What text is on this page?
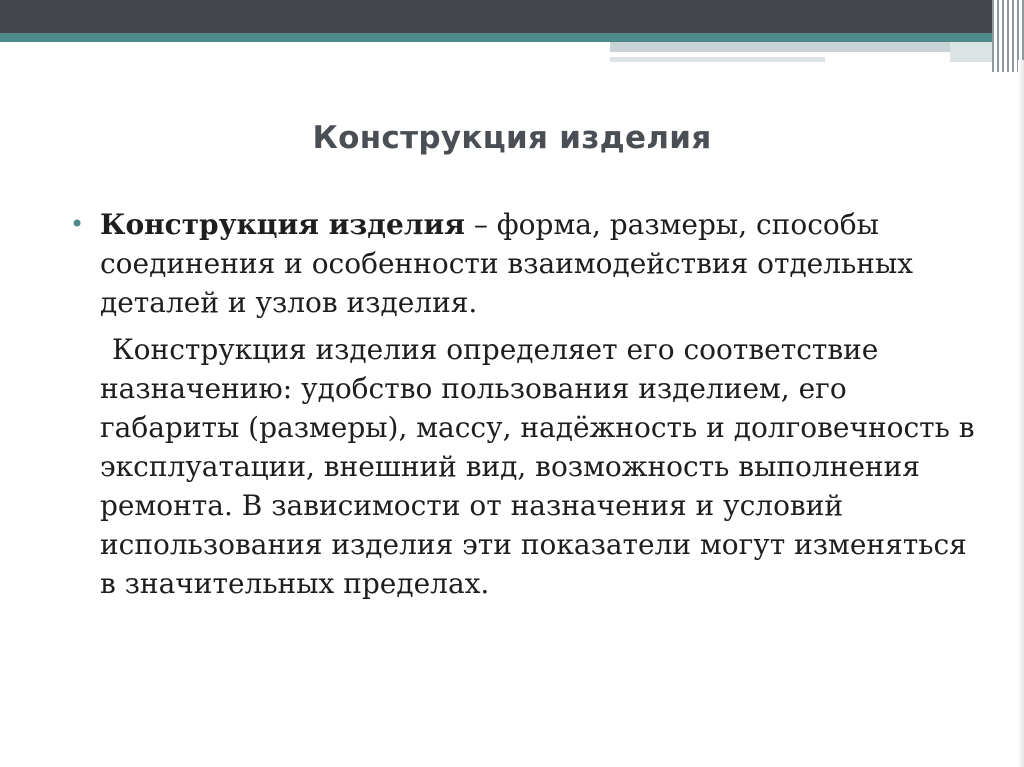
Конструкция изделия
• Конструкция изделия – форма, размеры, способы соединения и особенности взаимодействия отдельных деталей и узлов изделия.
Конструкция изделия определяет его соответствие назначению: удобство пользования изделием, его габариты (размеры), массу, надёжность и долговечность в эксплуатации, внешний вид, возможность выполнения ремонта. В зависимости от назначения и условий использования изделия эти показатели могут изменяться в значительных пределах.
